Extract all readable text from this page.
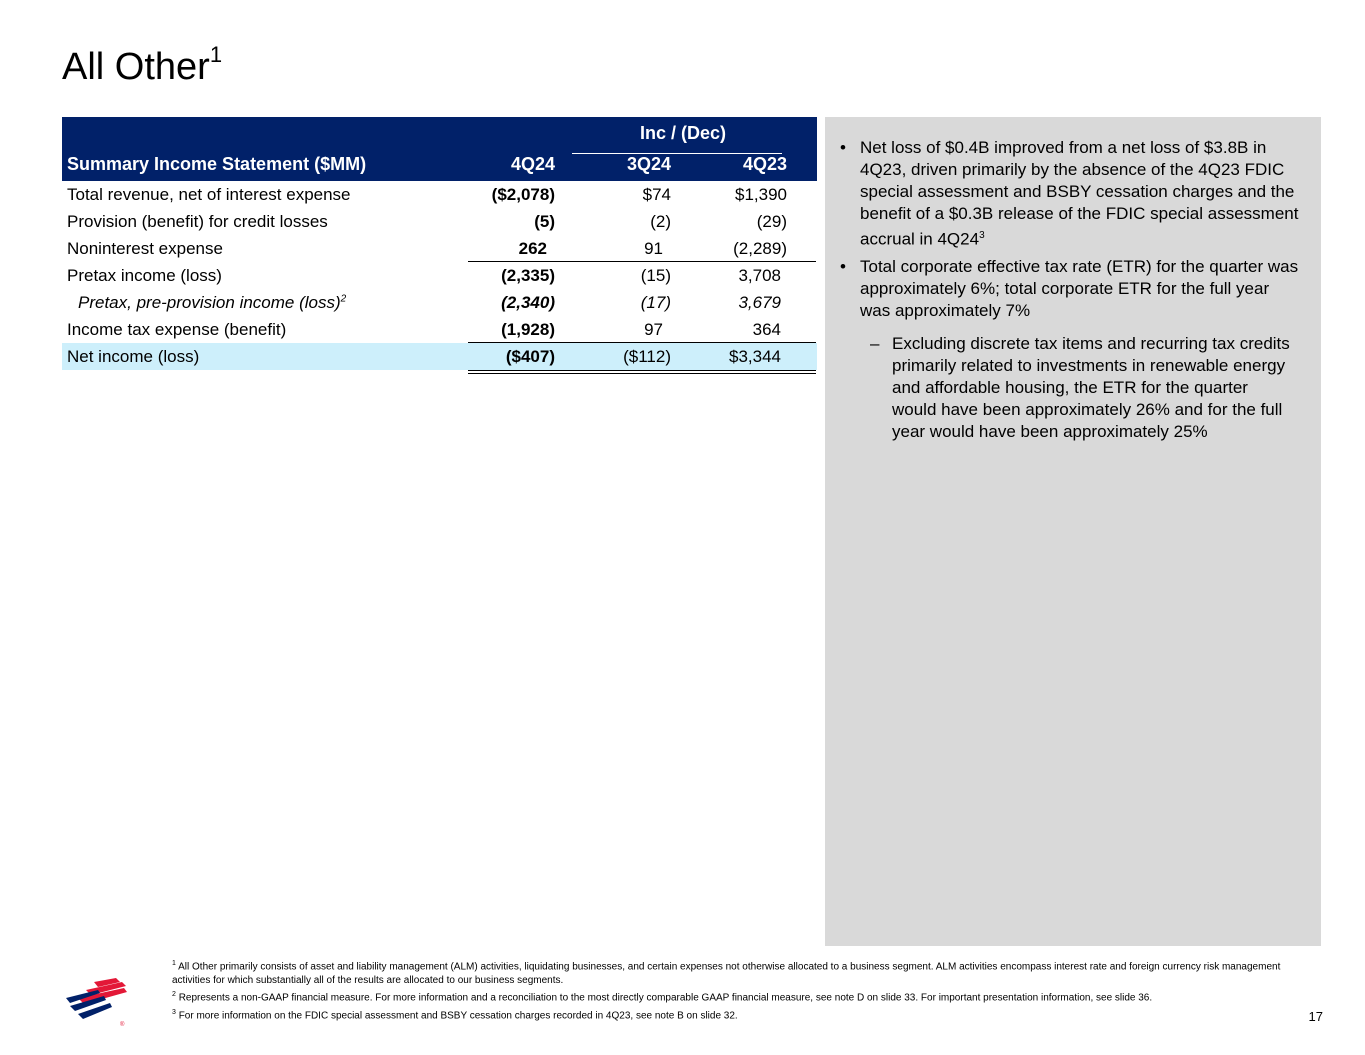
All Other$^1$
Inc / (Dec)
Summary Income Statement ($MM)	4Q24	3Q24	4Q23
Total revenue, net of interest expense	($2,078)	$74	$1,390
Provision (benefit) for credit losses	(5)	(2)	(29)
Noninterest expense	262	91	(2,289)
Pretax income (loss)	(2,335)	(15)	3,708
Pretax, pre-provision income (loss)$^2$	(2,340)	(17)	3,679
Income tax expense (benefit)	(1,928)	97	364
Net income (loss)	($407)	($112)	$3,344
• Net loss of $0.4B improved from a net loss of $3.8B in 4Q23, driven primarily by the absence of the 4Q23 FDIC special assessment and BSBY cessation charges and the benefit of a $0.3B release of the FDIC special assessment accrual in $4Q24^3$
• Total corporate effective tax rate (ETR) for the quarter was approximately 6%; total corporate ETR for the full year was approximately 7%
– Excluding discrete tax items and recurring tax credits primarily related to investments in renewable energy and affordable housing, the ETR for the quarter would have been approximately 26% and for the full year would have been approximately 25%
®

$^1$ All Other primarily consists of asset and liability management (ALM) activities, liquidating businesses, and certain expenses not otherwise allocated to a business segment. ALM activities encompass interest rate and foreign currency risk management activities for which substantially all of the results are allocated to our business segments.

$^2$ Represents a non-GAAP financial measure. For more information and a reconciliation to the most directly comparable GAAP financial measure, see note D on slide 33. For important presentation information, see slide 36.

$^3$ For more information on the FDIC special assessment and BSBY cessation charges recorded in 4Q23, see note B on slide 32.	17
